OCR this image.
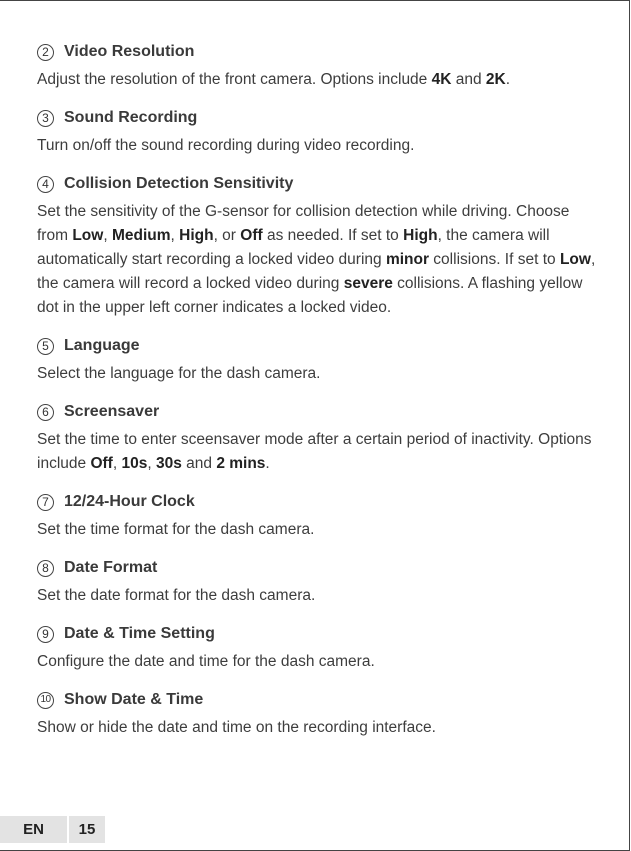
2 Video Resolution

Adjust the resolution of the front camera. Options include 4K and 2K.

3 Sound Recording

Turn on/off the sound recording during video recording.

4 Collision Detection Sensitivity

Set the sensitivity of the G-sensor for collision detection while driving. Choose from Low, Medium, High, or Off as needed. If set to High, the camera will automatically start recording a locked video during minor collisions. If set to Low, the camera will record a locked video during severe collisions. A flashing yellow dot in the upper left corner indicates a locked video.

5 Language

Select the language for the dash camera.

6 Screensaver

Set the time to enter sceensaver mode after a certain period of inactivity. Options include Off, 10s, 30s and 2 mins.

7 12/24-Hour Clock

Set the time format for the dash camera.

8 Date Format

Set the date format for the dash camera.

9 Date & Time Setting

Configure the date and time for the dash camera.

10 Show Date & Time

Show or hide the date and time on the recording interface.

EN	15
